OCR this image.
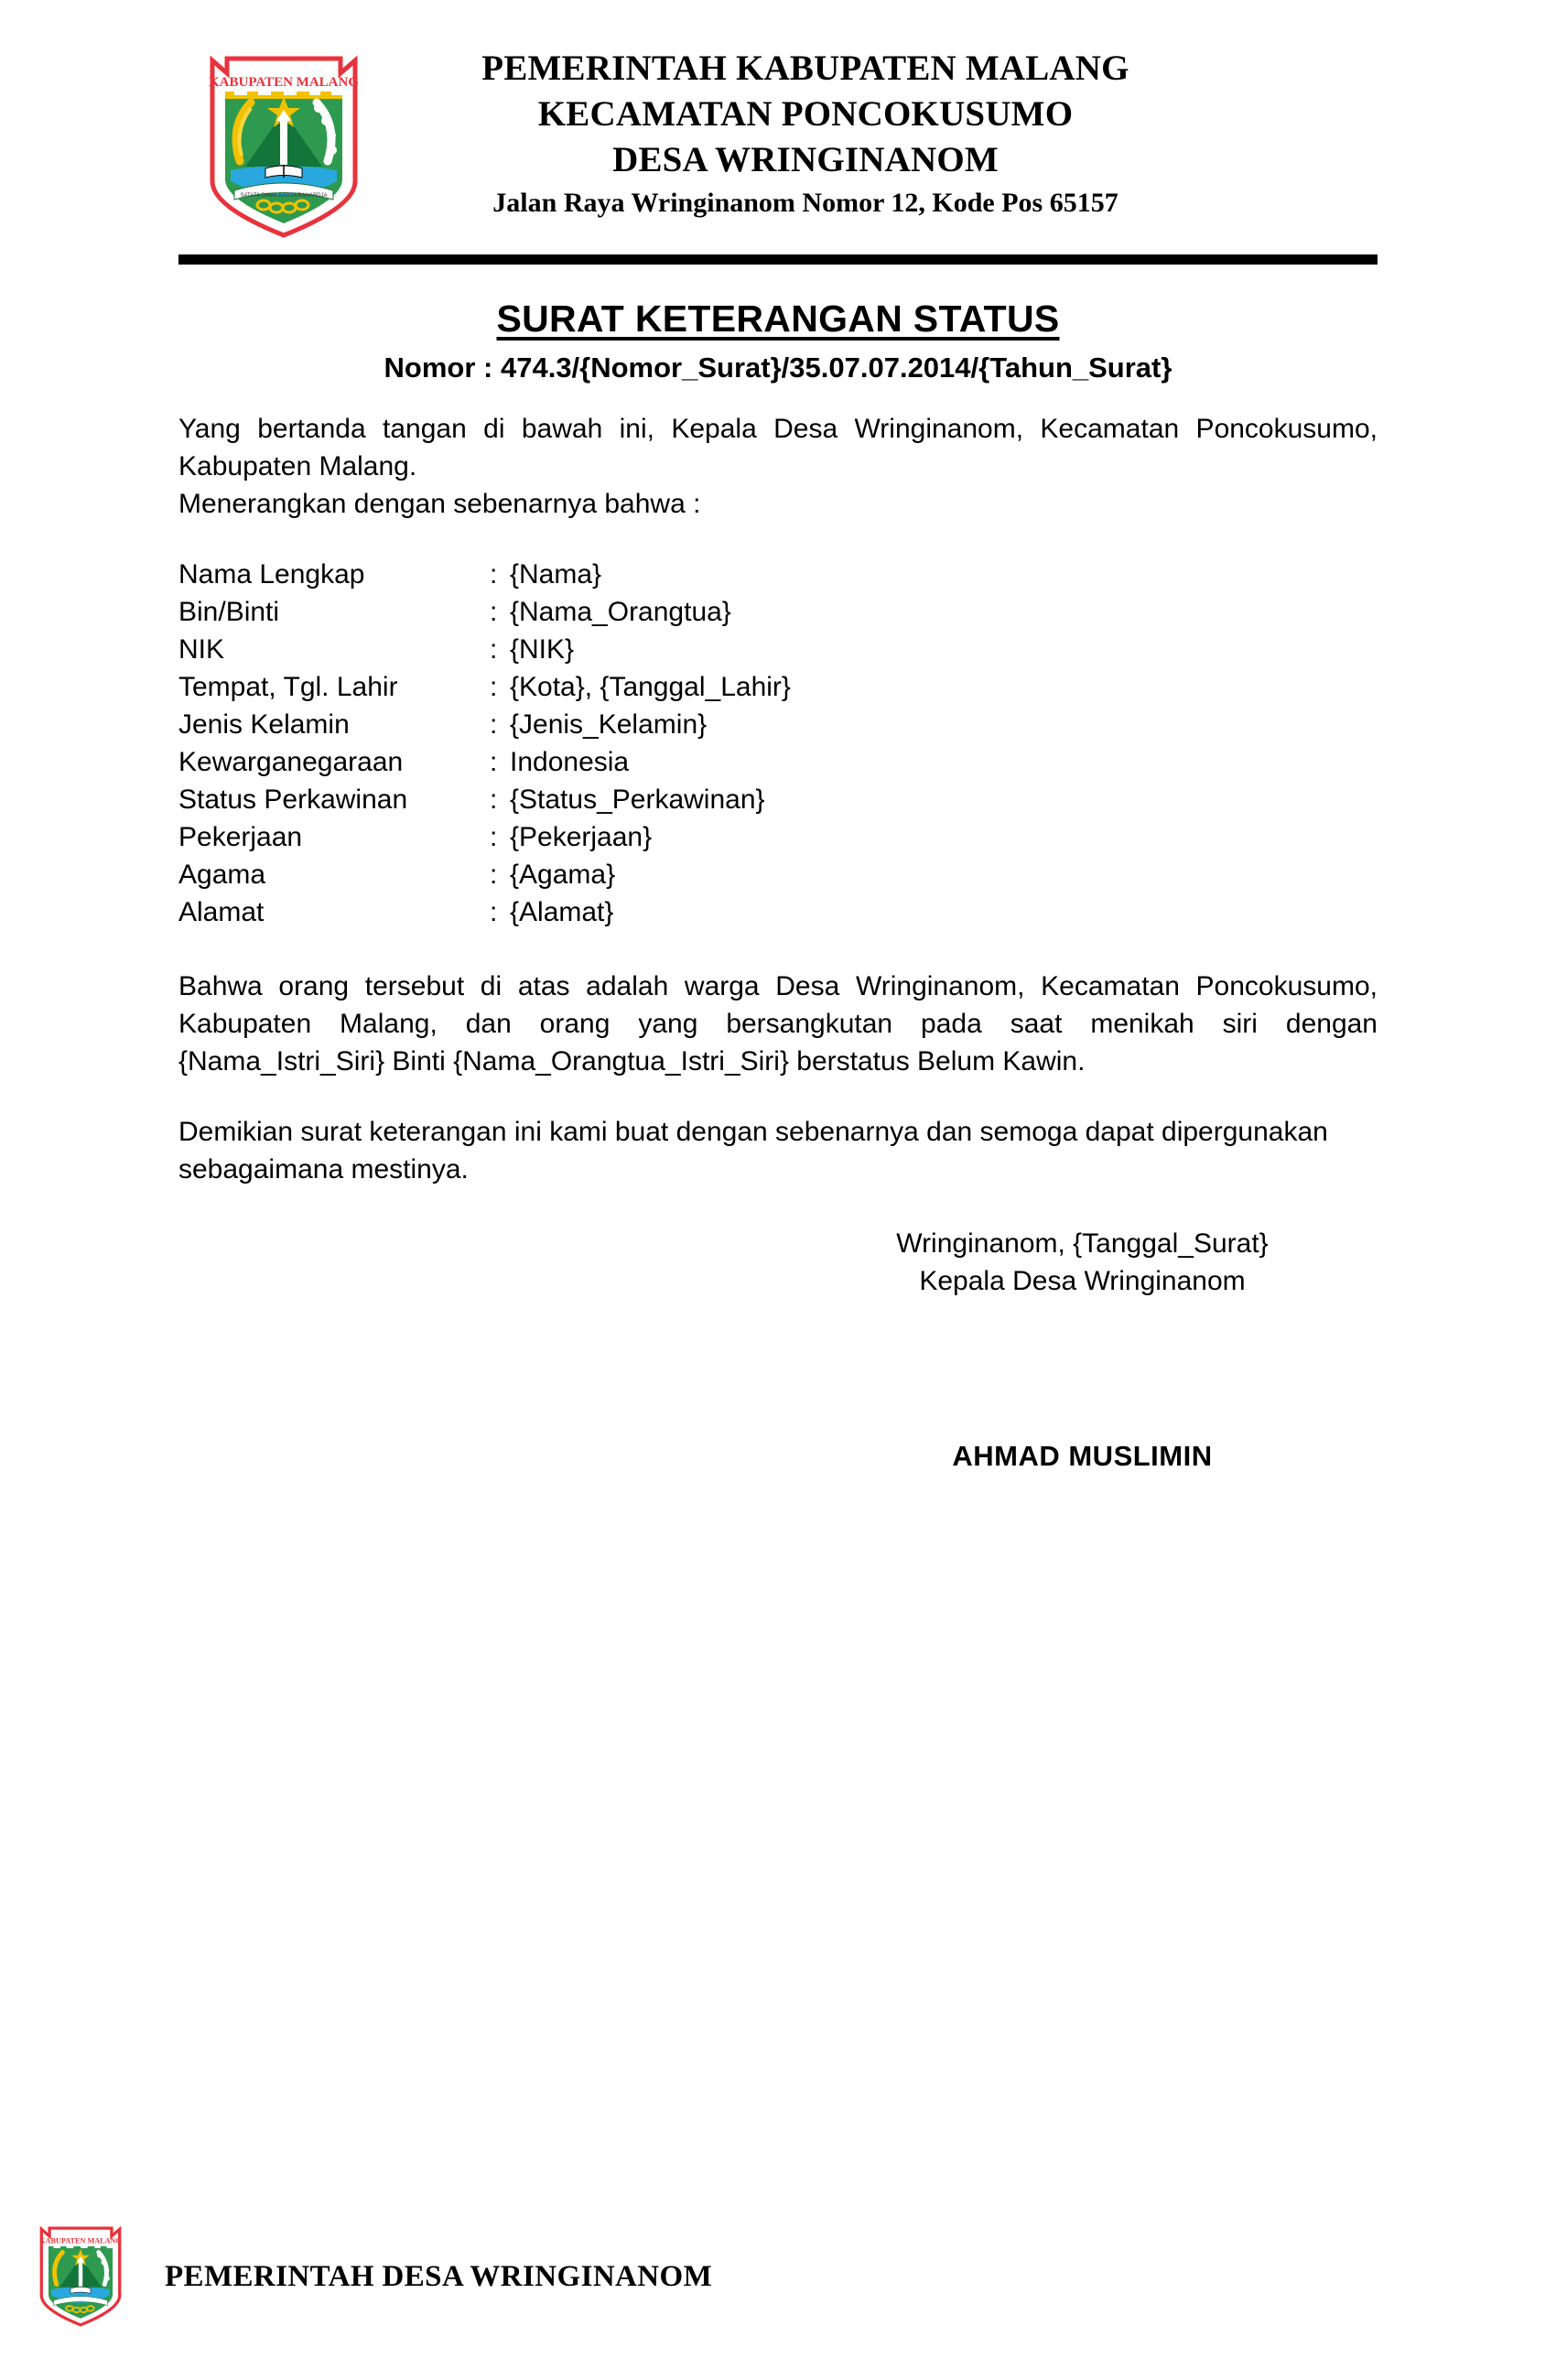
KABUPATEN MALANG
SATATA GAMA KARTA RAHARDJA
PEMERINTAH KABUPATEN MALANG
KECAMATAN PONCOKUSUMO
DESA WRINGINANOM
Jalan Raya Wringinanom Nomor 12, Kode Pos 65157
SURAT KETERANGAN STATUS
Nomor : 474.3/{Nomor_Surat}/35.07.07.2014/{Tahun_Surat}
Yang bertanda tangan di bawah ini, Kepala Desa Wringinanom, Kecamatan Poncokusumo, Kabupaten Malang.
Menerangkan dengan sebenarnya bahwa :
Nama Lengkap	:	{Nama}
Bin/Binti	:	{Nama_Orangtua}
NIK	:	{NIK}
Tempat, Tgl. Lahir	:	{Kota}, {Tanggal_Lahir}
Jenis Kelamin	:	{Jenis_Kelamin}
Kewarganegaraan	:	Indonesia
Status Perkawinan	:	{Status_Perkawinan}
Pekerjaan	:	{Pekerjaan}
Agama	:	{Agama}
Alamat	:	{Alamat}
Bahwa orang tersebut di atas adalah warga Desa Wringinanom, Kecamatan Poncokusumo, Kabupaten Malang, dan orang yang bersangkutan pada saat menikah siri dengan {Nama_Istri_Siri} Binti {Nama_Orangtua_Istri_Siri} berstatus Belum Kawin.
Demikian surat keterangan ini kami buat dengan sebenarnya dan semoga dapat dipergunakan sebagaimana mestinya.
Wringinanom, {Tanggal_Surat}
Kepala Desa Wringinanom
AHMAD MUSLIMIN
KABUPATEN MALANG
PEMERINTAH DESA WRINGINANOM
